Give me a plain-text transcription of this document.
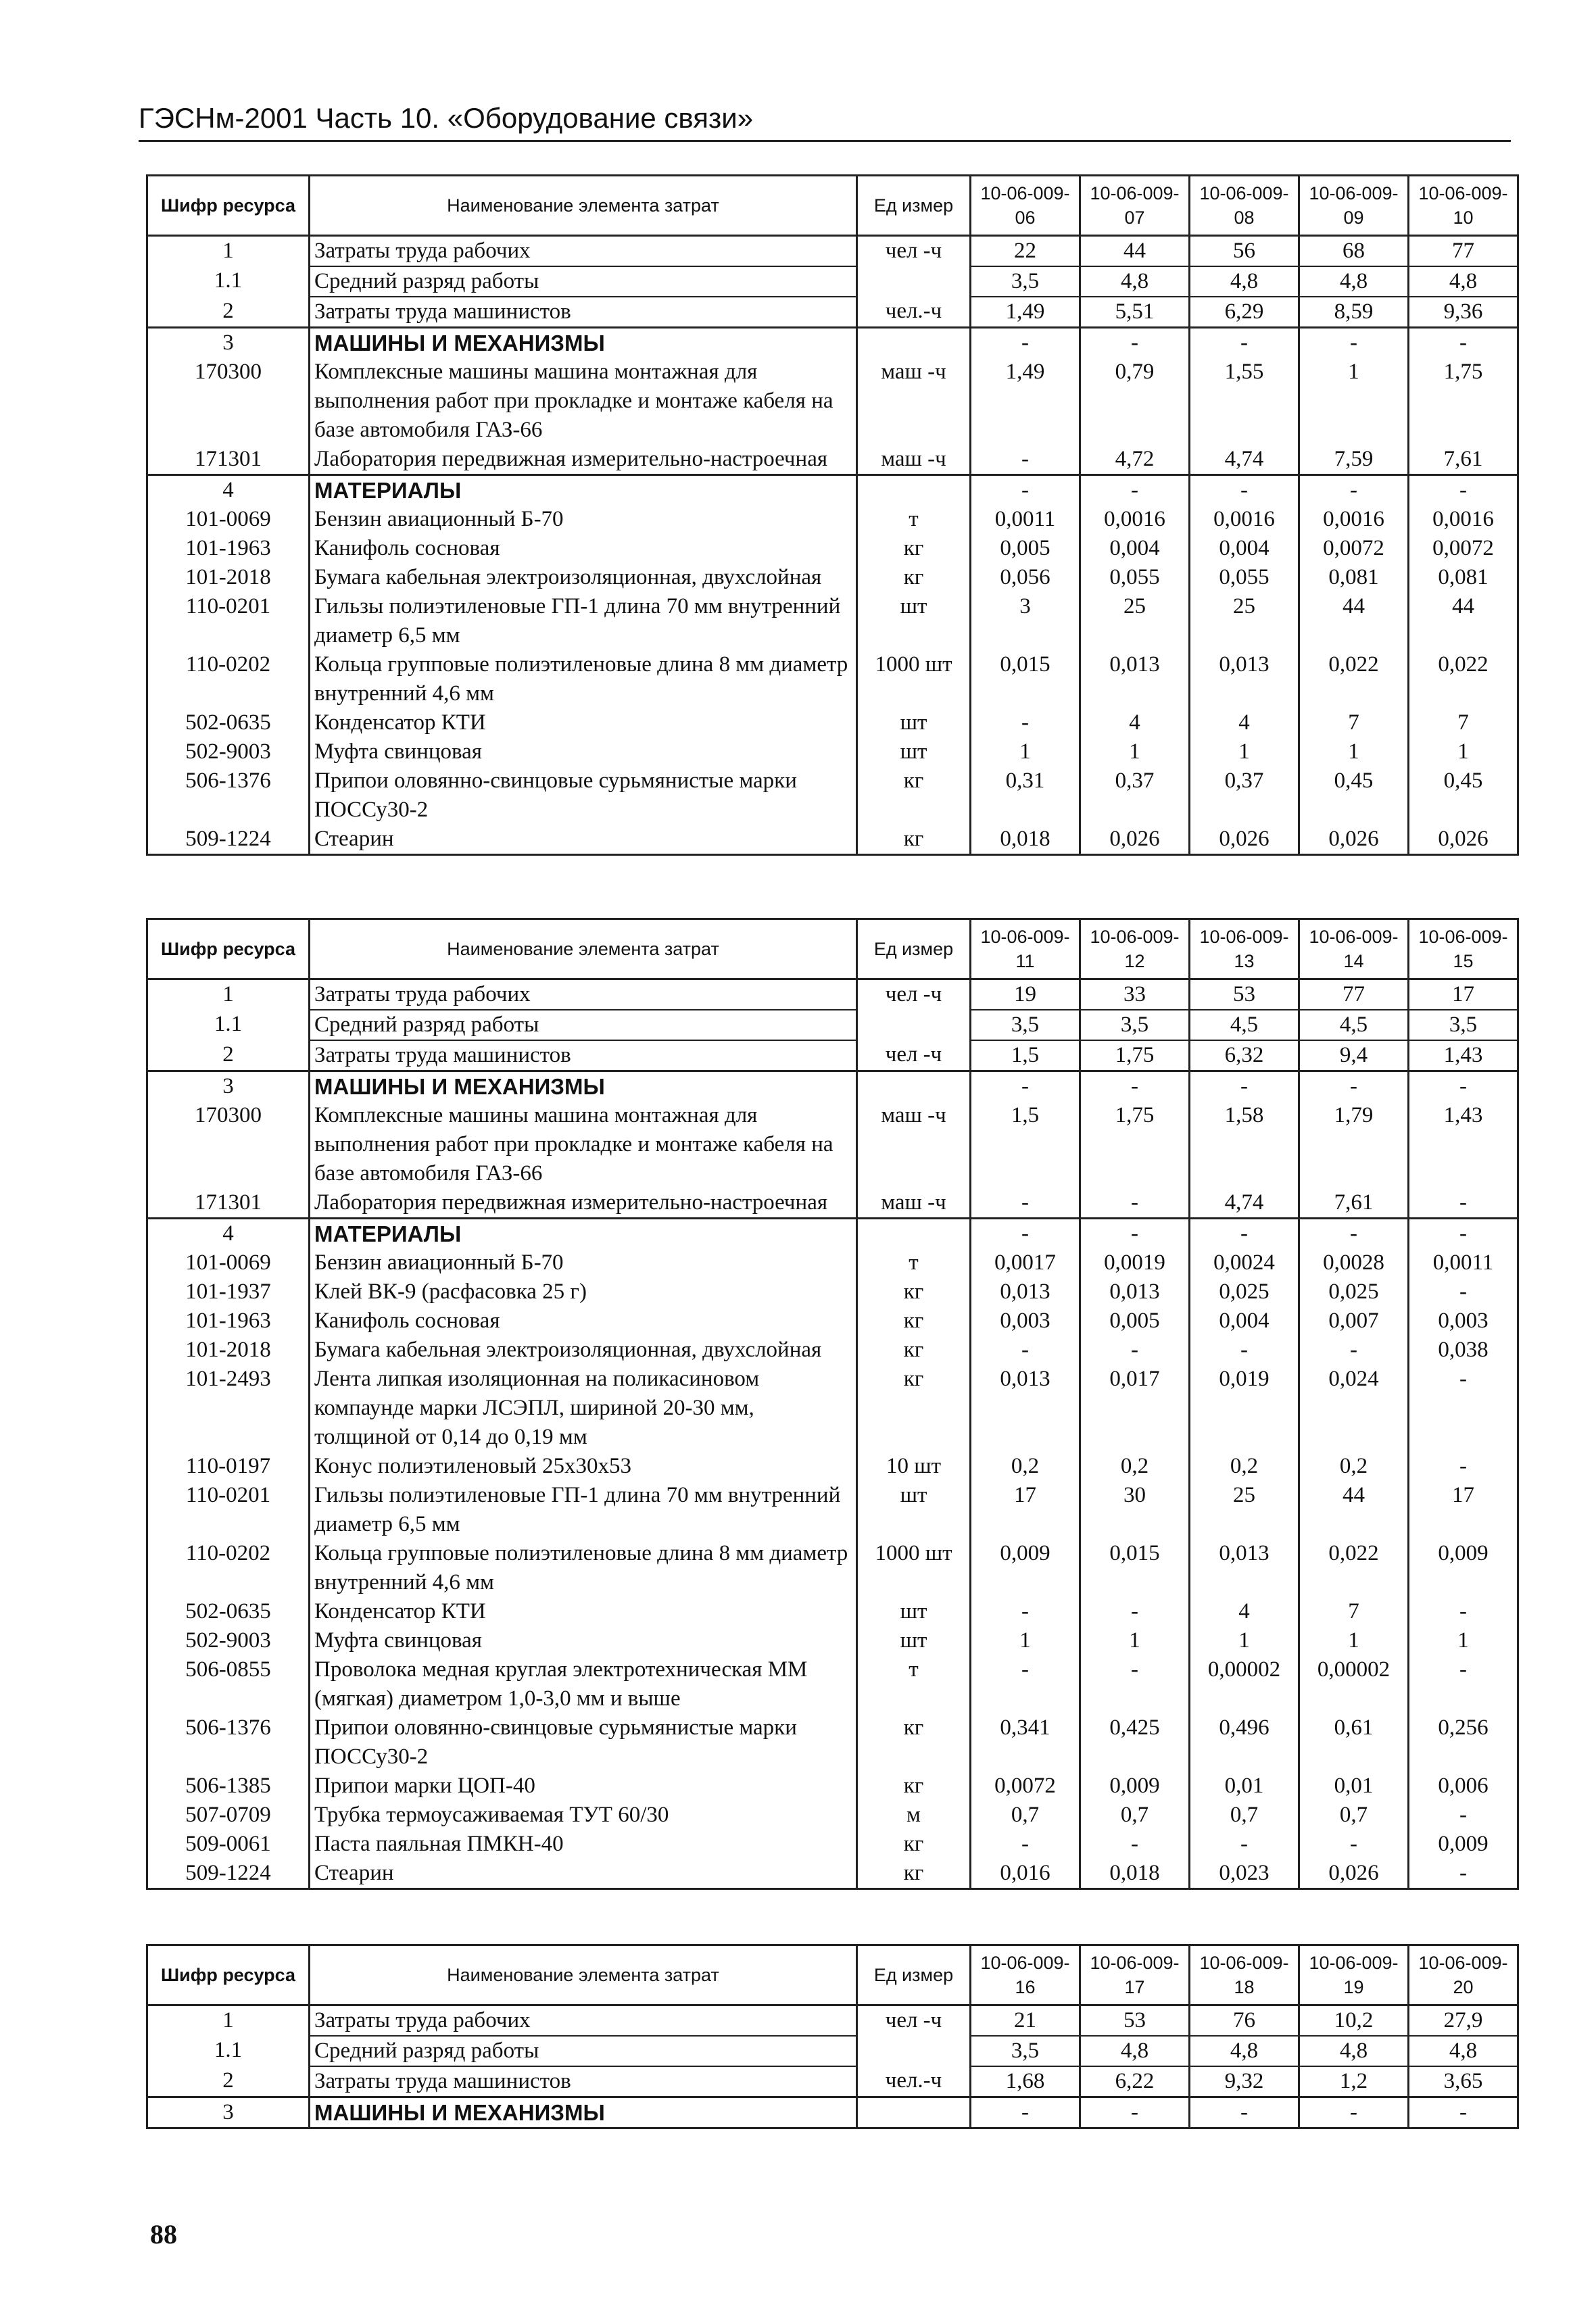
ГЭСНм-2001 Часть 10. «Оборудование связи»
Шифр ресурса	Наименование элемента затрат	Ед измер	10-06-009-06	10-06-009-07	10-06-009-08	10-06-009-09	10-06-009-10
1	Затраты труда рабочих	чел -ч	22	44	56	68	77
1.1	Средний разряд работы		3,5	4,8	4,8	4,8	4,8
2	Затраты труда машинистов	чел.-ч	1,49	5,51	6,29	8,59	9,36
3	МАШИНЫ И МЕХАНИЗМЫ		-	-	-	-	-
170300	Комплексные машины машина монтажная для выполнения работ при прокладке и монтаже кабеля на базе автомобиля ГАЗ-66	маш -ч	1,49	0,79	1,55	1	1,75
171301	Лаборатория передвижная измерительно-настроечная	маш -ч	-	4,72	4,74	7,59	7,61
4	МАТЕРИАЛЫ		-	-	-	-	-
101-0069	Бензин авиационный Б-70	т	0,0011	0,0016	0,0016	0,0016	0,0016
101-1963	Канифоль сосновая	кг	0,005	0,004	0,004	0,0072	0,0072
101-2018	Бумага кабельная электроизоляционная, двухслойная	кг	0,056	0,055	0,055	0,081	0,081
110-0201	Гильзы полиэтиленовые ГП-1 длина 70 мм внутренний диаметр 6,5 мм	шт	3	25	25	44	44
110-0202	Кольца групповые полиэтиленовые длина 8 мм диаметр внутренний 4,6 мм	1000 шт	0,015	0,013	0,013	0,022	0,022
502-0635	Конденсатор КТИ	шт	-	4	4	7	7
502-9003	Муфта свинцовая	шт	1	1	1	1	1
506-1376	Припои оловянно-свинцовые сурьмянистые марки ПОССу30-2	кг	0,31	0,37	0,37	0,45	0,45
509-1224	Стеарин	кг	0,018	0,026	0,026	0,026	0,026
Шифр ресурса	Наименование элемента затрат	Ед измер	10-06-009-11	10-06-009-12	10-06-009-13	10-06-009-14	10-06-009-15
1	Затраты труда рабочих	чел -ч	19	33	53	77	17
1.1	Средний разряд работы		3,5	3,5	4,5	4,5	3,5
2	Затраты труда машинистов	чел -ч	1,5	1,75	6,32	9,4	1,43
3	МАШИНЫ И МЕХАНИЗМЫ		-	-	-	-	-
170300	Комплексные машины машина монтажная для выполнения работ при прокладке и монтаже кабеля на базе автомобиля ГАЗ-66	маш -ч	1,5	1,75	1,58	1,79	1,43
171301	Лаборатория передвижная измерительно-настроечная	маш -ч	-	-	4,74	7,61	-
4	МАТЕРИАЛЫ		-	-	-	-	-
101-0069	Бензин авиационный Б-70	т	0,0017	0,0019	0,0024	0,0028	0,0011
101-1937	Клей ВК-9 (расфасовка 25 г)	кг	0,013	0,013	0,025	0,025	-
101-1963	Канифоль сосновая	кг	0,003	0,005	0,004	0,007	0,003
101-2018	Бумага кабельная электроизоляционная, двухслойная	кг	-	-	-	-	0,038
101-2493	Лента липкая изоляционная на поликасиновом компаунде марки ЛСЭПЛ, шириной 20-30 мм, толщиной от 0,14 до 0,19 мм	кг	0,013	0,017	0,019	0,024	-
110-0197	Конус полиэтиленовый 25x30x53	10 шт	0,2	0,2	0,2	0,2	-
110-0201	Гильзы полиэтиленовые ГП-1 длина 70 мм внутренний диаметр 6,5 мм	шт	17	30	25	44	17
110-0202	Кольца групповые полиэтиленовые длина 8 мм диаметр внутренний 4,6 мм	1000 шт	0,009	0,015	0,013	0,022	0,009
502-0635	Конденсатор КТИ	шт	-	-	4	7	-
502-9003	Муфта свинцовая	шт	1	1	1	1	1
506-0855	Проволока медная круглая электротехническая ММ (мягкая) диаметром 1,0-3,0 мм и выше	т	-	-	0,00002	0,00002	-
506-1376	Припои оловянно-свинцовые сурьмянистые марки ПОССу30-2	кг	0,341	0,425	0,496	0,61	0,256
506-1385	Припои марки ЦОП-40	кг	0,0072	0,009	0,01	0,01	0,006
507-0709	Трубка термоусаживаемая ТУТ 60/30	м	0,7	0,7	0,7	0,7	-
509-0061	Паста паяльная ПМКН-40	кг	-	-	-	-	0,009
509-1224	Стеарин	кг	0,016	0,018	0,023	0,026	-
Шифр ресурса	Наименование элемента затрат	Ед измер	10-06-009-16	10-06-009-17	10-06-009-18	10-06-009-19	10-06-009-20
1	Затраты труда рабочих	чел -ч	21	53	76	10,2	27,9
1.1	Средний разряд работы		3,5	4,8	4,8	4,8	4,8
2	Затраты труда машинистов	чел.-ч	1,68	6,22	9,32	1,2	3,65
3	МАШИНЫ И МЕХАНИЗМЫ		-	-	-	-	-
88
